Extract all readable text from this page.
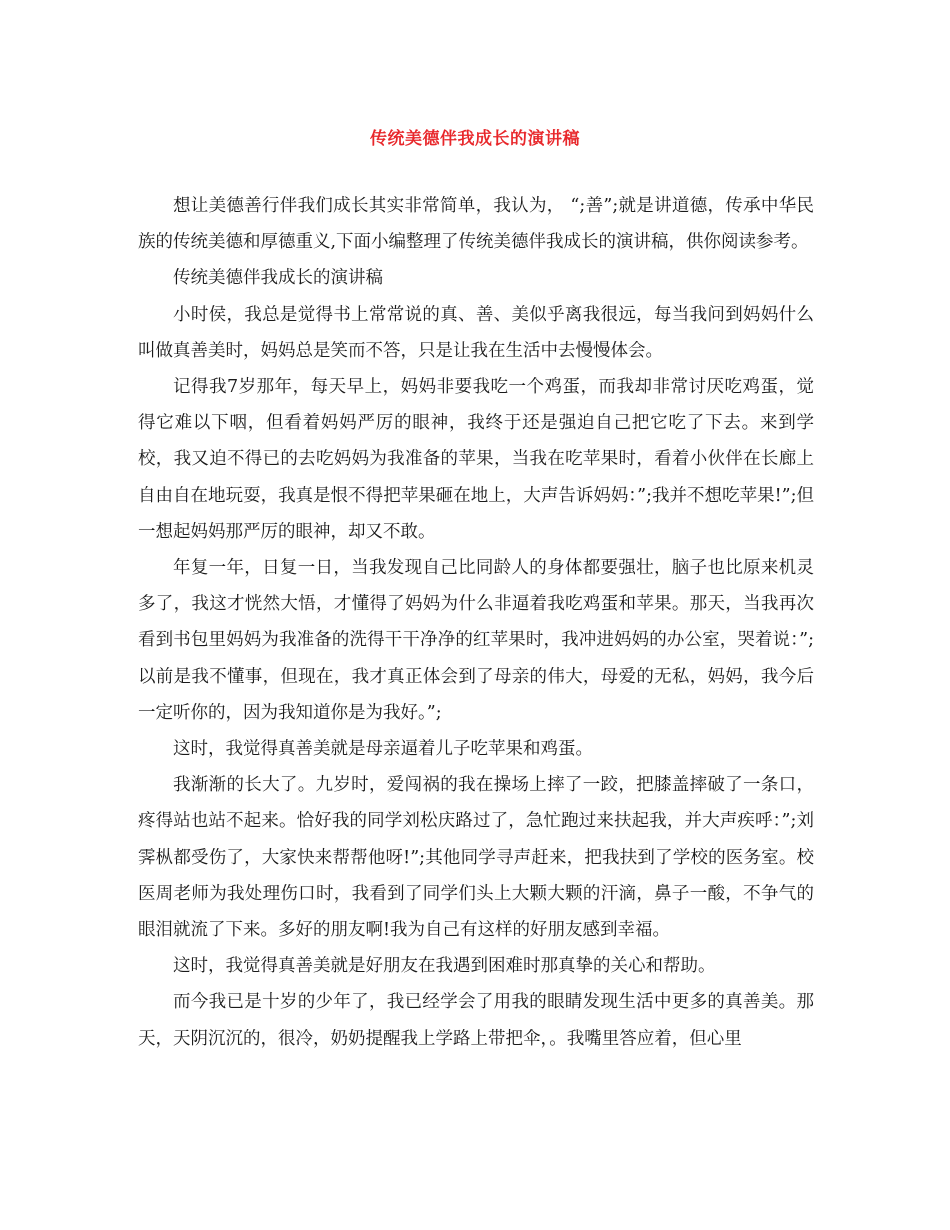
传统美德伴我成长的演讲稿

想让美德善行伴我们成长其实非常简单，我认为， “;善”;就是讲道德，传承中华民族的传统美德和厚德重义,下面小编整理了传统美德伴我成长的演讲稿，供你阅读参考。

传统美德伴我成长的演讲稿

小时侯，我总是觉得书上常常说的真、善、美似乎离我很远，每当我问到妈妈什么叫做真善美时，妈妈总是笑而不答，只是让我在生活中去慢慢体会。

记得我7岁那年，每天早上，妈妈非要我吃一个鸡蛋，而我却非常讨厌吃鸡蛋，觉得它难以下咽，但看着妈妈严厉的眼神，我终于还是强迫自己把它吃了下去。来到学校，我又迫不得已的去吃妈妈为我准备的苹果，当我在吃苹果时，看着小伙伴在长廊上自由自在地玩耍，我真是恨不得把苹果砸在地上，大声告诉妈妈：”;我并不想吃苹果!”;但一想起妈妈那严厉的眼神，却又不敢。

年复一年，日复一日，当我发现自己比同龄人的身体都要强壮，脑子也比原来机灵多了，我这才恍然大悟，才懂得了妈妈为什么非逼着我吃鸡蛋和苹果。那天，当我再次看到书包里妈妈为我准备的洗得干干净净的红苹果时，我冲进妈妈的办公室，哭着说：”;以前是我不懂事，但现在，我才真正体会到了母亲的伟大，母爱的无私，妈妈，我今后一定听你的，因为我知道你是为我好。”;

这时，我觉得真善美就是母亲逼着儿子吃苹果和鸡蛋。

我渐渐的长大了。九岁时，爱闯祸的我在操场上摔了一跤，把膝盖摔破了一条口，疼得站也站不起来。恰好我的同学刘松庆路过了，急忙跑过来扶起我，并大声疾呼：”;刘霁枞都受伤了，大家快来帮帮他呀!”;其他同学寻声赶来，把我扶到了学校的医务室。校医周老师为我处理伤口时，我看到了同学们头上大颗大颗的汗滴，鼻子一酸，不争气的眼泪就流了下来。多好的朋友啊!我为自己有这样的好朋友感到幸福。

这时，我觉得真善美就是好朋友在我遇到困难时那真挚的关心和帮助。

而今我已是十岁的少年了，我已经学会了用我的眼睛发现生活中更多的真善美。那天，天阴沉沉的，很冷，奶奶提醒我上学路上带把伞，。我嘴里答应着，但心里
